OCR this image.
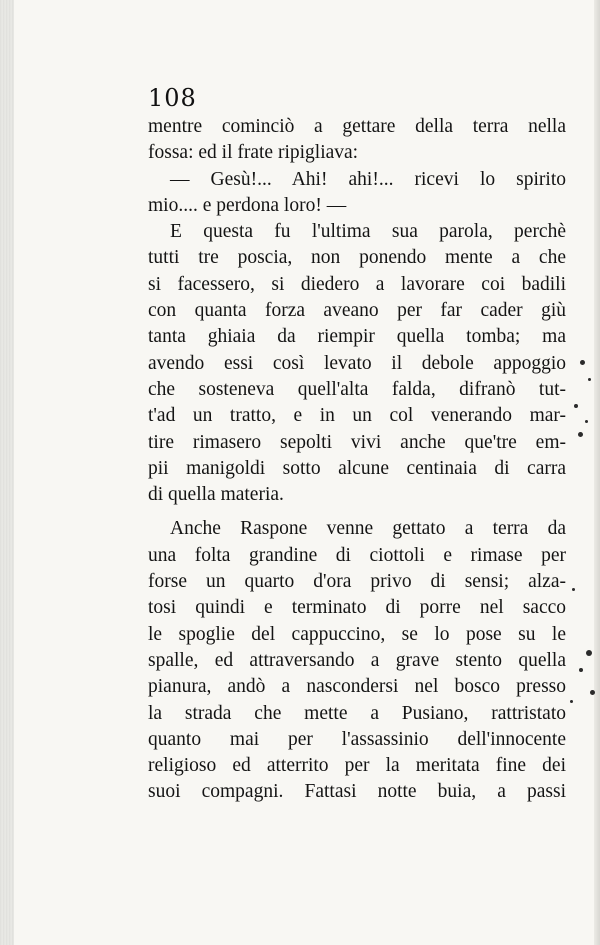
108
mentre cominciò a gettare della terra nella
fossa: ed il frate ripigliava:
— Gesù!... Ahi! ahi!... ricevi lo spirito
mio.... e perdona loro! —
E questa fu l'ultima sua parola, perchè
tutti tre poscia, non ponendo mente a che
si facessero, si diedero a lavorare coi badili
con quanta forza aveano per far cader giù
tanta ghiaia da riempir quella tomba; ma
avendo essi così levato il debole appoggio
che sosteneva quell'alta falda, difranò tut-
t'ad un tratto, e in un col venerando mar-
tire rimasero sepolti vivi anche que'tre em-
pii manigoldi sotto alcune centinaia di carra
di quella materia.
Anche Raspone venne gettato a terra da
una folta grandine di ciottoli e rimase per
forse un quarto d'ora privo di sensi; alza-
tosi quindi e terminato di porre nel sacco
le spoglie del cappuccino, se lo pose su le
spalle, ed attraversando a grave stento quella
pianura, andò a nascondersi nel bosco presso
la strada che mette a Pusiano, rattristato
quanto mai per l'assassinio dell'innocente
religioso ed atterrito per la meritata fine dei
suoi compagni. Fattasi notte buia, a passi
